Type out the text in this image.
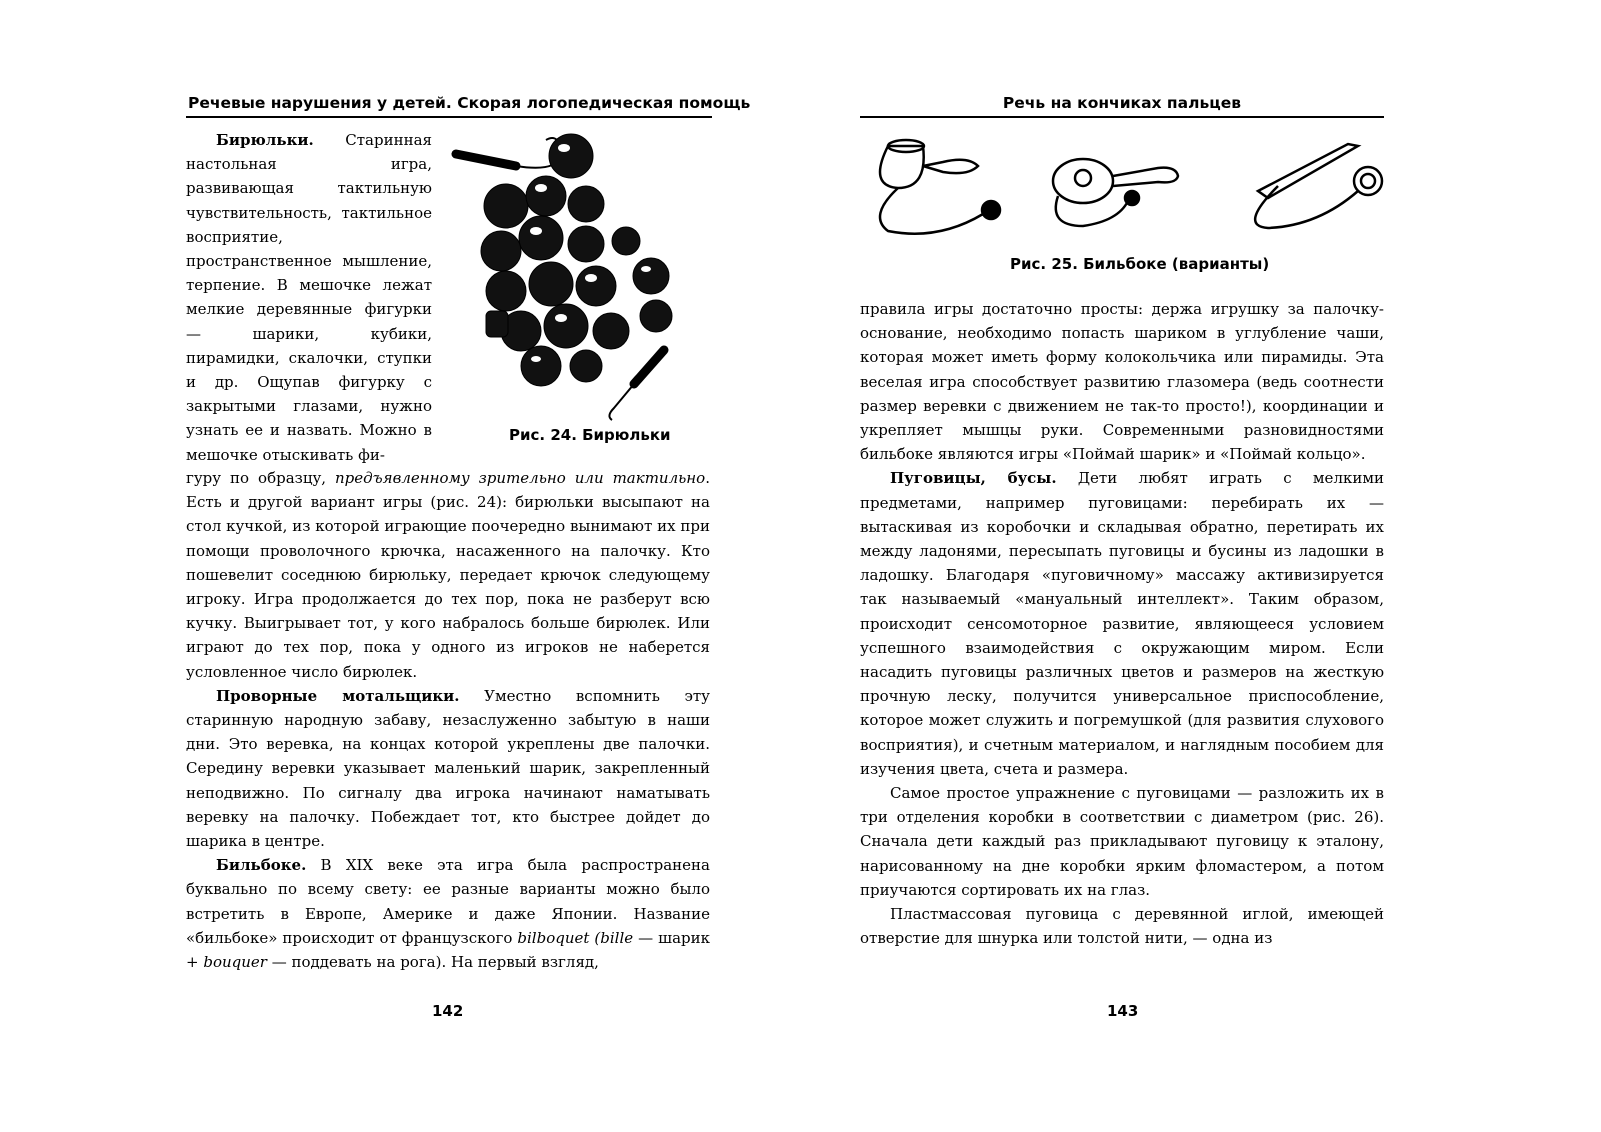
Речевые нарушения у детей. Скорая логопедическая помощь
Рис. 24. Бирюльки

Бирюльки. Старинная настольная игра, развивающая тактильную чувствительность, тактильное восприятие, пространственное мышление, терпение. В мешочке лежат мелкие деревянные фигурки — шарики, кубики, пирамидки, скалочки, ступки и др. Ощупав фигурку с закрытыми глазами, нужно узнать ее и назвать. Можно в мешочке отыскивать фи-

гуру по образцу, предъявленному зрительно или тактильно. Есть и другой вариант игры (рис. 24): бирюльки высыпают на стол кучкой, из которой играющие поочередно вынимают их при помощи проволочного крючка, насаженного на палочку. Кто пошевелит соседнюю бирюльку, передает крючок следующему игроку. Игра продолжается до тех пор, пока не разберут всю кучку. Выигрывает тот, у кого набралось больше бирюлек. Или играют до тех пор, пока у одного из игроков не наберется условленное число бирюлек.

Проворные мотальщики. Уместно вспомнить эту старинную народную забаву, незаслуженно забытую в наши дни. Это веревка, на концах которой укреплены две палочки. Середину веревки указывает маленький шарик, закрепленный неподвижно. По сигналу два игрока начинают наматывать веревку на палочку. Побеждает тот, кто быстрее дойдет до шарика в центре.

Бильбоке. В XIX веке эта игра была распространена буквально по всему свету: ее разные варианты можно было встретить в Европе, Америке и даже Японии. Название «бильбоке» происходит от французского bilboquet (bille — шарик + bouquer — поддевать на рога). На первый взгляд,

142
Речь на кончиках пальцев
Рис. 25. Бильбоке (варианты)

правила игры достаточно просты: держа игрушку за палочку-основание, необходимо попасть шариком в углубление чаши, которая может иметь форму колокольчика или пирамиды. Эта веселая игра способствует развитию глазомера (ведь соотнести размер веревки с движением не так-то просто!), координации и укрепляет мышцы руки. Современными разновидностями бильбоке являются игры «Поймай шарик» и «Поймай кольцо».

Пуговицы, бусы. Дети любят играть с мелкими предметами, например пуговицами: перебирать их — вытаскивая из коробочки и складывая обратно, перетирать их между ладонями, пересыпать пуговицы и бусины из ладошки в ладошку. Благодаря «пуговичному» массажу активизируется так называемый «мануальный интеллект». Таким образом, происходит сенсомоторное развитие, являющееся условием успешного взаимодействия с окружающим миром. Если насадить пуговицы различных цветов и размеров на жесткую прочную леску, получится универсальное приспособление, которое может служить и погремушкой (для развития слухового восприятия), и счетным материалом, и наглядным пособием для изучения цвета, счета и размера.

Самое простое упражнение с пуговицами — разложить их в три отделения коробки в соответствии с диаметром (рис. 26). Сначала дети каждый раз прикладывают пуговицу к эталону, нарисованному на дне коробки ярким фломастером, а потом приучаются сортировать их на глаз.

Пластмассовая пуговица с деревянной иглой, имеющей отверстие для шнурка или толстой нити, — одна из

143
